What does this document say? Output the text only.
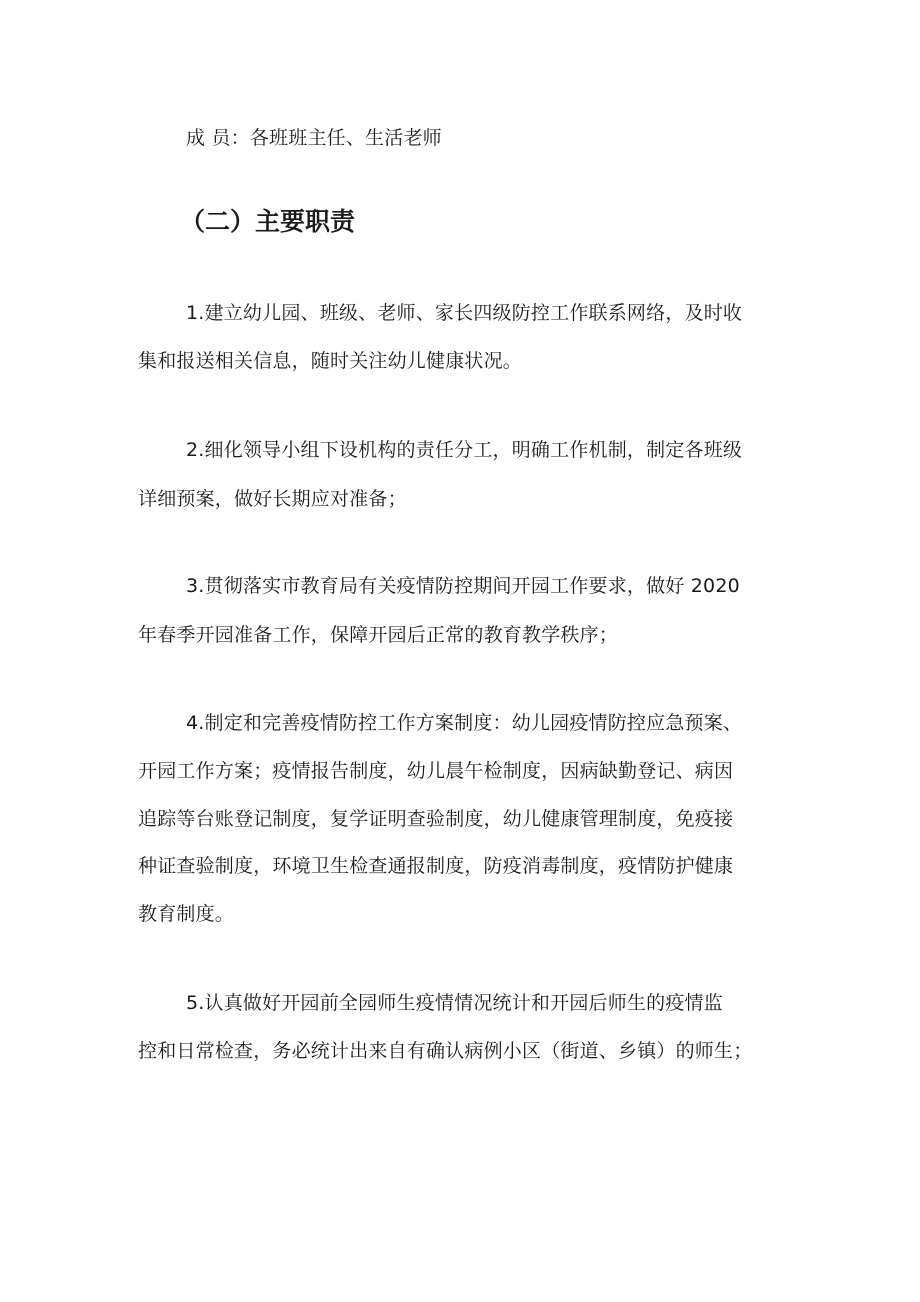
成 员：各班班主任、生活老师
（二）主要职责
1.建立幼儿园、班级、老师、家长四级防控工作联系网络，及时收
集和报送相关信息，随时关注幼儿健康状况。
2.细化领导小组下设机构的责任分工，明确工作机制，制定各班级
详细预案，做好长期应对准备；
3.贯彻落实市教育局有关疫情防控期间开园工作要求，做好 2020
年春季开园准备工作，保障开园后正常的教育教学秩序；
4.制定和完善疫情防控工作方案制度：幼儿园疫情防控应急预案、
开园工作方案；疫情报告制度，幼儿晨午检制度，因病缺勤登记、病因
追踪等台账登记制度，复学证明查验制度，幼儿健康管理制度，免疫接
种证查验制度，环境卫生检查通报制度，防疫消毒制度，疫情防护健康
教育制度。
5.认真做好开园前全园师生疫情情况统计和开园后师生的疫情监
控和日常检查，务必统计出来自有确认病例小区（街道、乡镇）的师生；
